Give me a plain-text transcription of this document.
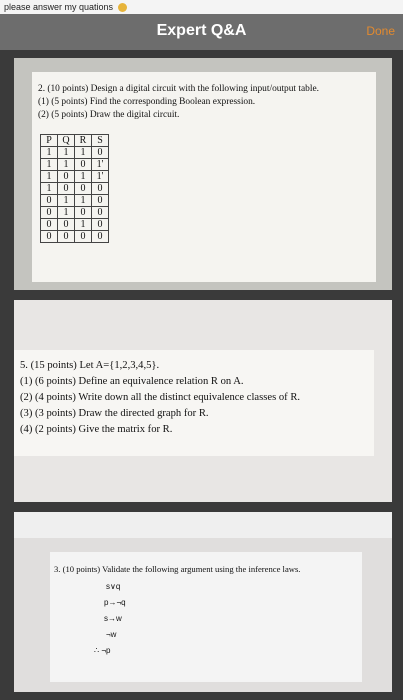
please answer my quations
Expert Q&A	Done
2. (10 points) Design a digital circuit with the following input/output table.
(1) (5 points) Find the corresponding Boolean expression.
(2) (5 points) Draw the digital circuit.
P	Q	R	S
1	1	1	0
1	1	0	1'
1	0	1	1'
1	0	0	0
0	1	1	0
0	1	0	0
0	0	1	0
0	0	0	0
5. (15 points) Let A={1,2,3,4,5}.
(1) (6 points) Define an equivalence relation R on A.
(2) (4 points) Write down all the distinct equivalence classes of R.
(3) (3 points) Draw the directed graph for R.
(4) (2 points) Give the matrix for R.
3. (10 points) Validate the following argument using the inference laws.
s∨q
p→¬q
s→w
¬w
∴ ¬p
